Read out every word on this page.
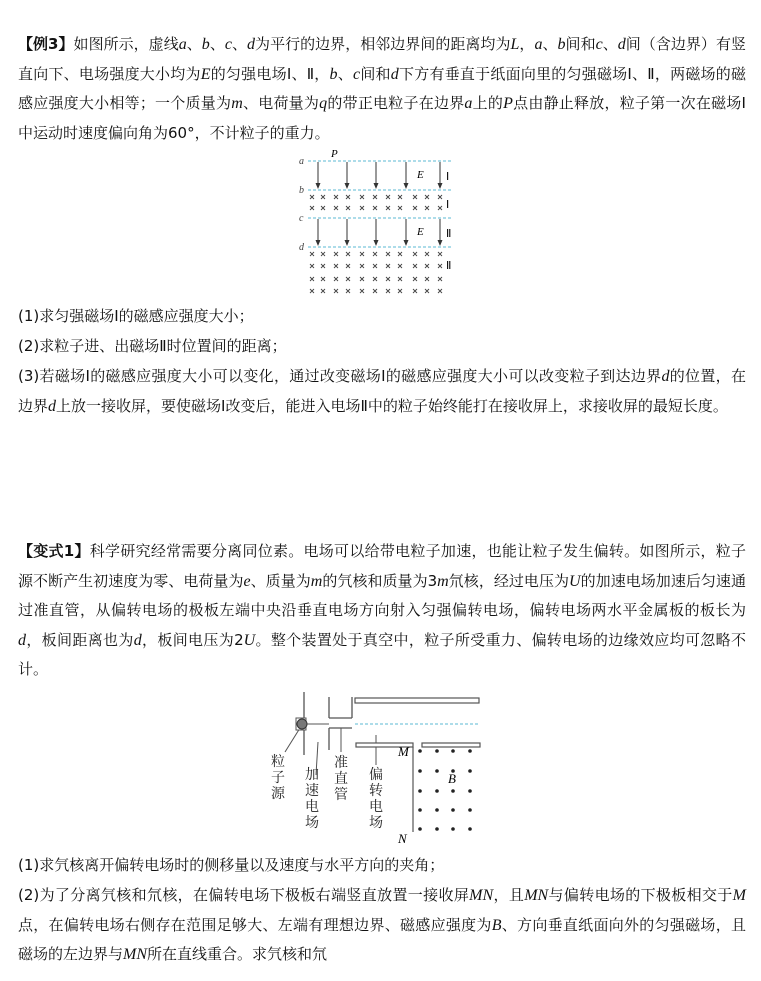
【例3】如图所示，虚线a、b、c、d为平行的边界，相邻边界间的距离均为L，a、b间和c、d间（含边界）有竖直向下、电场强度大小均为E的匀强电场Ⅰ、Ⅱ，b、c间和d下方有垂直于纸面向里的匀强磁场Ⅰ、Ⅱ，两磁场的磁感应强度大小相等；一个质量为m、电荷量为q的带正电粒子在边界a上的P点由静止释放，粒子第一次在磁场Ⅰ中运动时速度偏向角为60°，不计粒子的重力。
a
b
c
d
P
E
E
Ⅰ
Ⅰ
Ⅱ
Ⅱ
M
N
B
(1)求匀强磁场Ⅰ的磁感应强度大小；
(2)求粒子进、出磁场Ⅱ时位置间的距离；
(3)若磁场Ⅰ的磁感应强度大小可以变化，通过改变磁场Ⅰ的磁感应强度大小可以改变粒子到达边界d的位置，在边界d上放一接收屏，要使磁场Ⅰ改变后，能进入电场Ⅱ中的粒子始终能打在接收屏上，求接收屏的最短长度。
【变式1】科学研究经常需要分离同位素。电场可以给带电粒子加速，也能让粒子发生偏转。如图所示，粒子源不断产生初速度为零、电荷量为e、质量为m的氕核和质量为3m氘核，经过电压为U的加速电场加速后匀速通过准直管，从偏转电场的极板左端中央沿垂直电场方向射入匀强偏转电场，偏转电场两水平金属板的板长为d，板间距离也为d，板间电压为2U。整个装置处于真空中，粒子所受重力、偏转电场的边缘效应均可忽略不计。
粒
子
源
加
速
电
场
准
直
管
偏
转
电
场
(1)求氕核离开偏转电场时的侧移量以及速度与水平方向的夹角；
(2)为了分离氕核和氘核，在偏转电场下极板右端竖直放置一接收屏MN，且MN与偏转电场的下极板相交于M点，在偏转电场右侧存在范围足够大、左端有理想边界、磁感应强度为B、方向垂直纸面向外的匀强磁场，且磁场的左边界与MN所在直线重合。求氕核和氘
